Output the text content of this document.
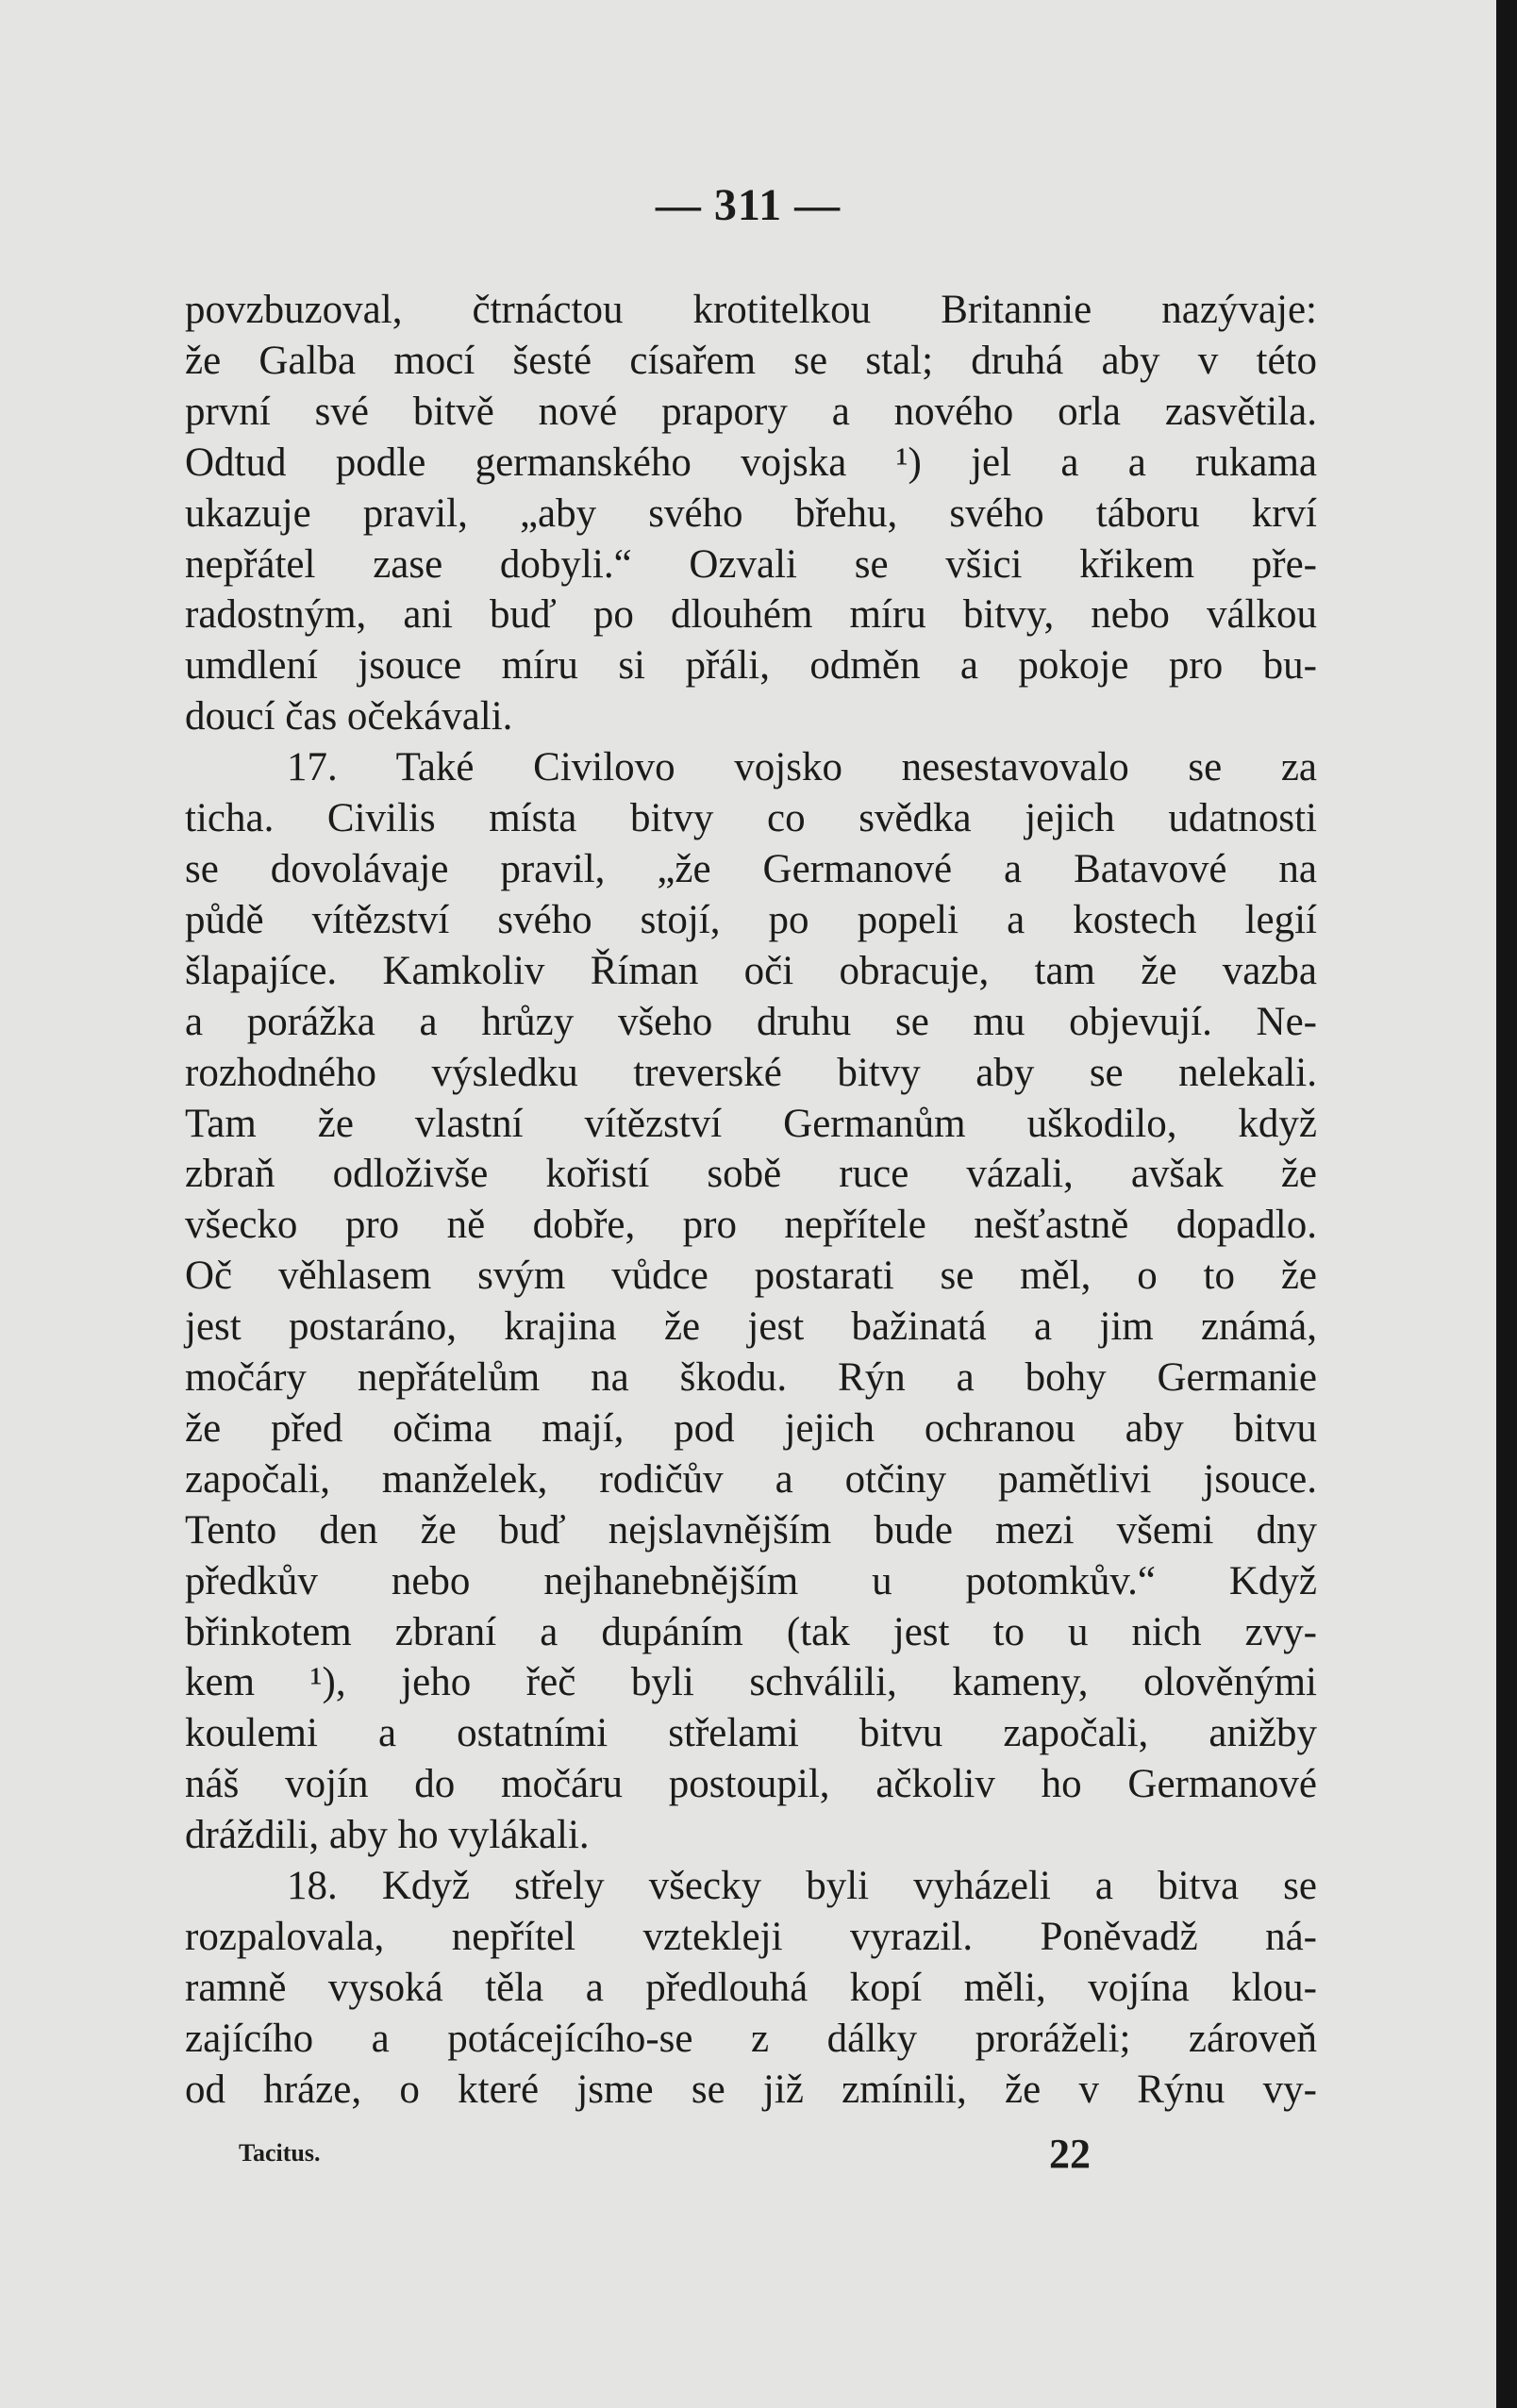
— 311 —
povzbuzoval, čtrnáctou krotitelkou Britannie nazývaje:
že Galba mocí šesté císařem se stal; druhá aby v této
první své bitvě nové prapory a nového orla zasvětila.
Odtud podle germanského vojska ¹) jel a a rukama
ukazuje pravil, „aby svého břehu, svého táboru krví
nepřátel zase dobyli.“ Ozvali se všici křikem pře-
radostným, ani buď po dlouhém míru bitvy, nebo válkou
umdlení jsouce míru si přáli, odměn a pokoje pro bu-
doucí čas očekávali.
17. Také Civilovo vojsko nesestavovalo se za
ticha. Civilis místa bitvy co svědka jejich udatnosti
se dovolávaje pravil, „že Germanové a Batavové na
půdě vítězství svého stojí, po popeli a kostech legií
šlapajíce. Kamkoliv Říman oči obracuje, tam že vazba
a porážka a hrůzy všeho druhu se mu objevují. Ne-
rozhodného výsledku treverské bitvy aby se nelekali.
Tam že vlastní vítězství Germanům uškodilo, když
zbraň odloživše kořistí sobě ruce vázali, avšak že
všecko pro ně dobře, pro nepřítele nešťastně dopadlo.
Oč věhlasem svým vůdce postarati se měl, o to že
jest postaráno, krajina že jest bažinatá a jim známá,
močáry nepřátelům na škodu. Rýn a bohy Germanie
že před očima mají, pod jejich ochranou aby bitvu
započali, manželek, rodičův a otčiny pamětlivi jsouce.
Tento den že buď nejslavnějším bude mezi všemi dny
předkův nebo nejhanebnějším u potomkův.“ Když
břinkotem zbraní a dupáním (tak jest to u nich zvy-
kem ¹), jeho řeč byli schválili, kameny, olověnými
koulemi a ostatními střelami bitvu započali, anižby
náš vojín do močáru postoupil, ačkoliv ho Germanové
dráždili, aby ho vylákali.
18. Když střely všecky byli vyházeli a bitva se
rozpalovala, nepřítel vztekleji vyrazil. Poněvadž ná-
ramně vysoká těla a předlouhá kopí měli, vojína klou-
zajícího a potácejícího-se z dálky proráželi; zároveň
od hráze, o které jsme se již zmínili, že v Rýnu vy-
Tacitus.	22
